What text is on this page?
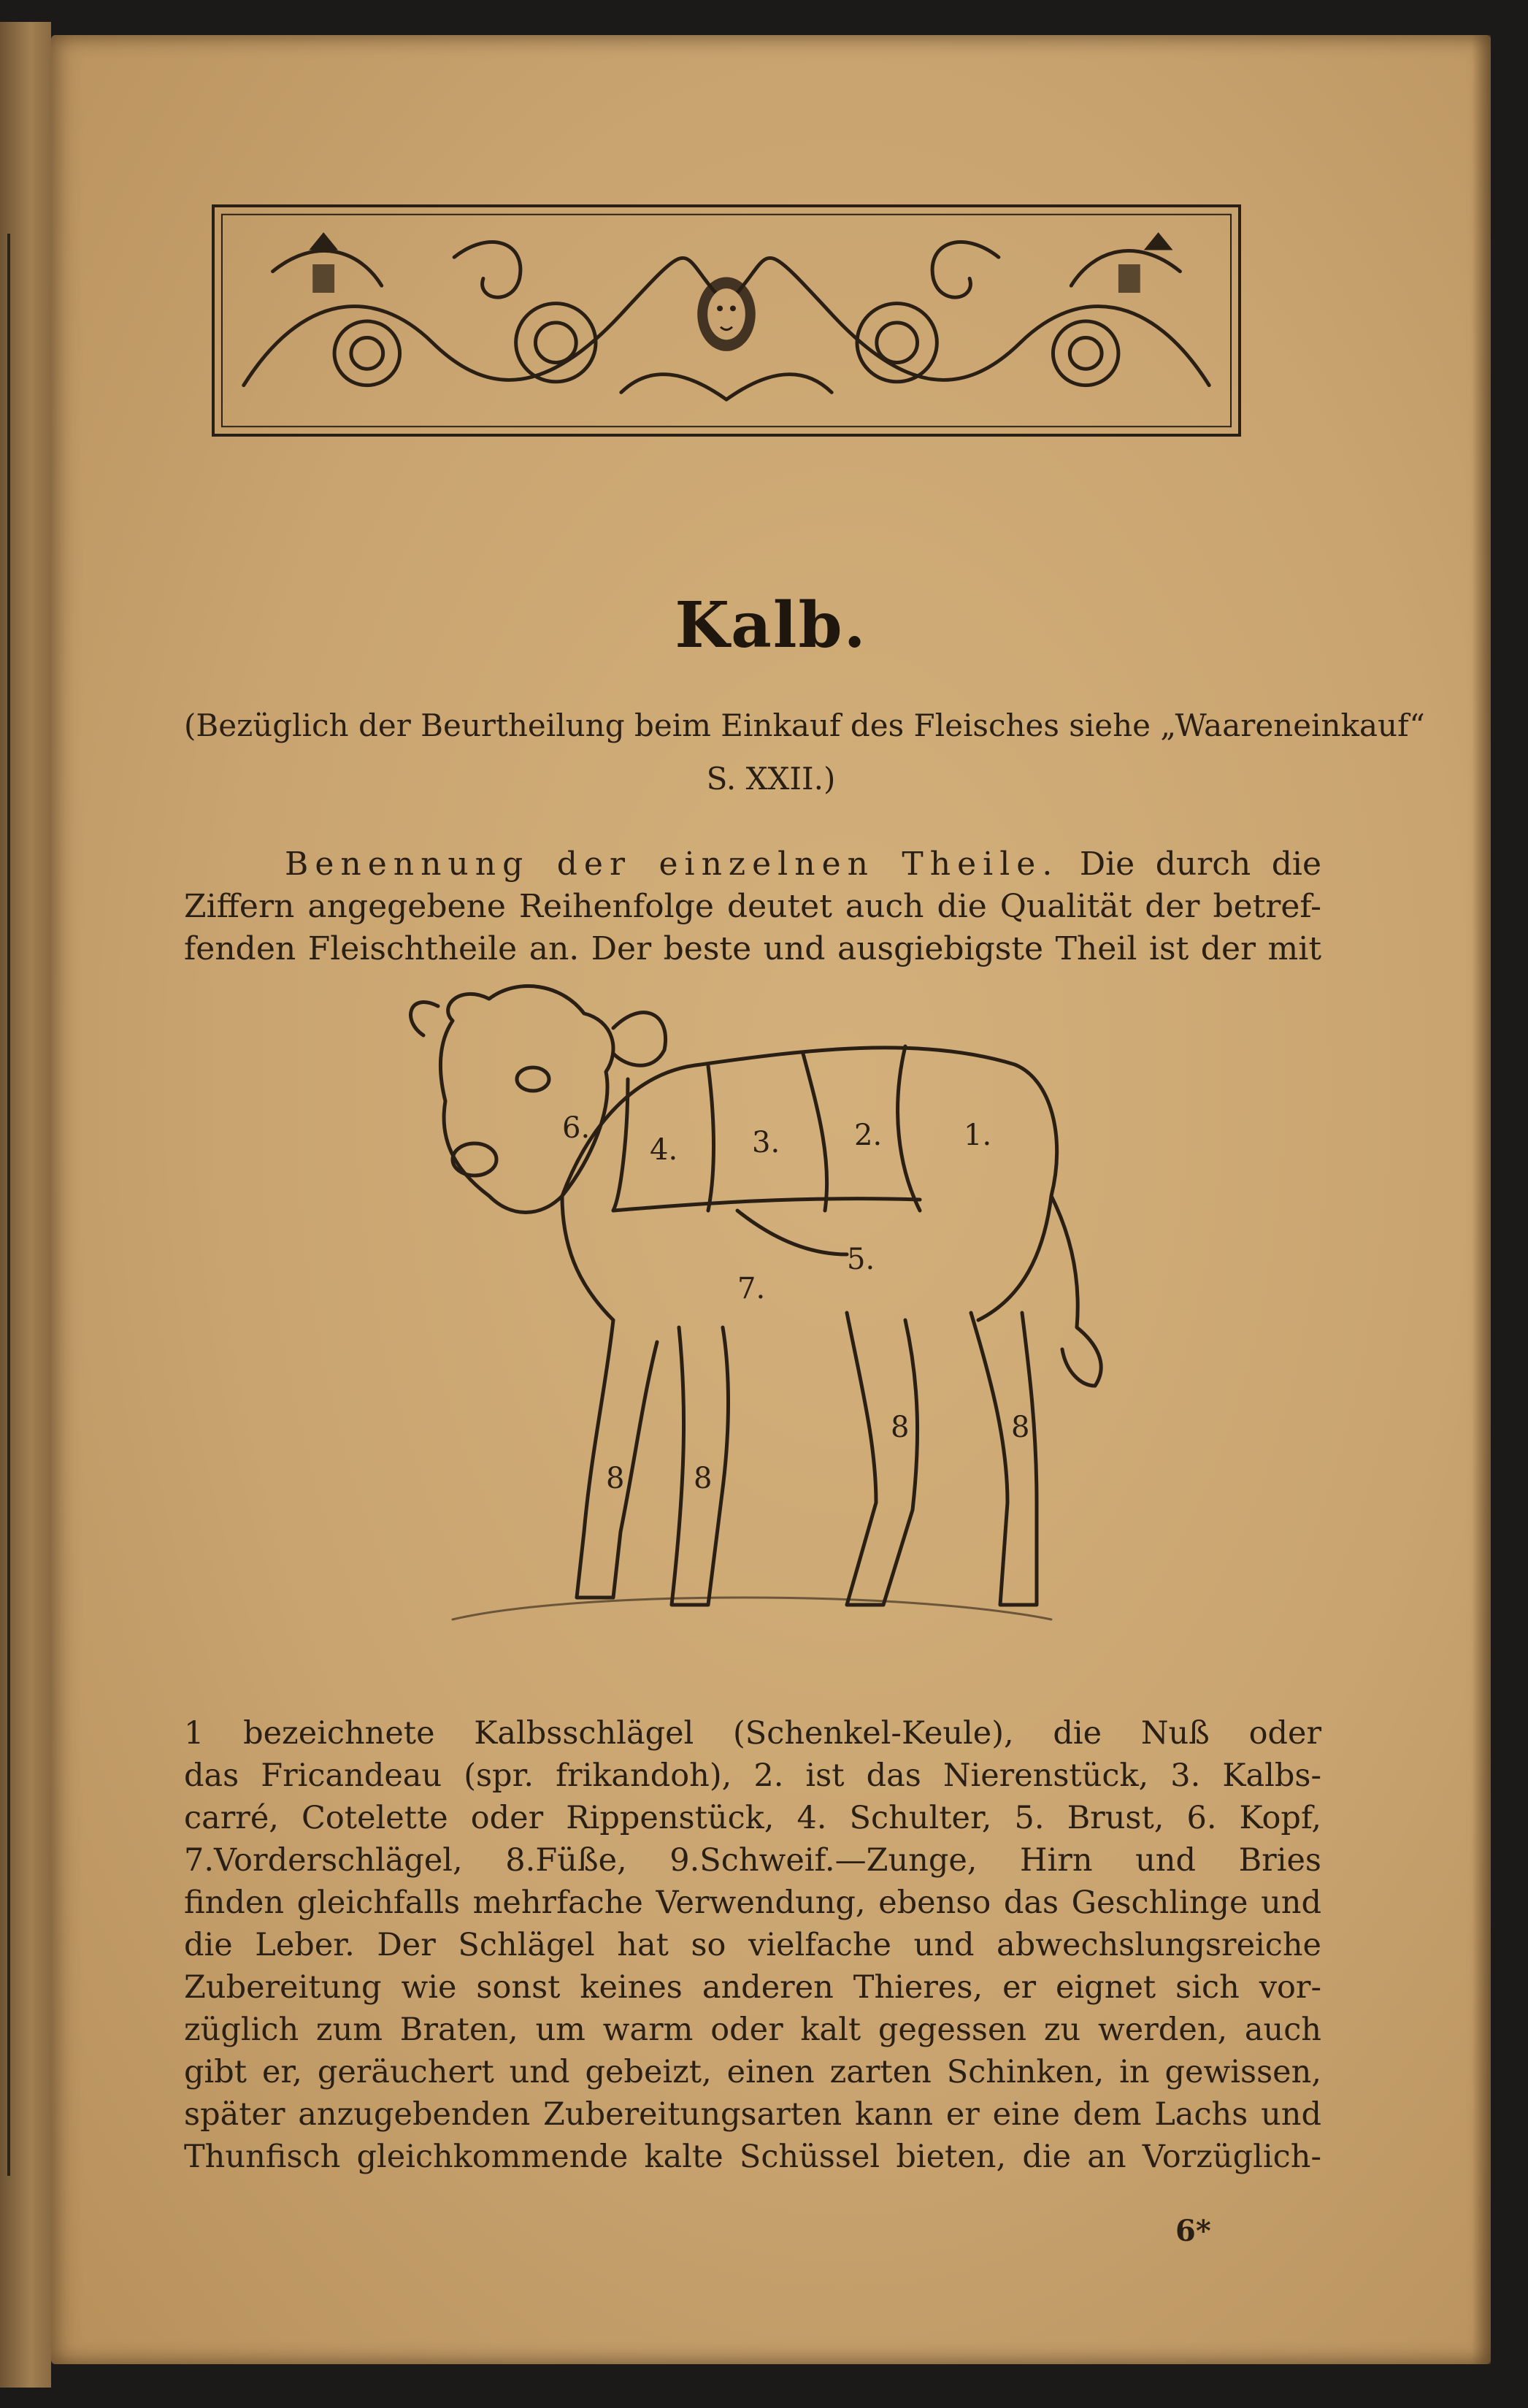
Kalb.
(Bezüglich der Beurtheilung beim Einkauf des Fleisches siehe „Waareneinkauf“
S. XXII.)
Benennung der einzelnen Theile. Die durch die
Ziffern angegebene Reihenfolge deutet auch die Qualität der betref-
fenden Fleischtheile an. Der beste und ausgiebigste Theil ist der mit
1.
2.
3.
4.
5.
6.
7.
8 8
8	8
1 bezeichnete Kalbsschlägel (Schenkel-Keule), die Nuß oder
das Fricandeau (spr. frikandoh), 2. ist das Nierenstück, 3. Kalbs-
carré, Cotelette oder Rippenstück, 4. Schulter, 5. Brust, 6. Kopf,
7.Vorderschlägel, 8.Füße, 9.Schweif.—Zunge, Hirn und Bries
finden gleichfalls mehrfache Verwendung, ebenso das Geschlinge und
die Leber. Der Schlägel hat so vielfache und abwechslungsreiche
Zubereitung wie sonst keines anderen Thieres, er eignet sich vor-
züglich zum Braten, um warm oder kalt gegessen zu werden, auch
gibt er, geräuchert und gebeizt, einen zarten Schinken, in gewissen,
später anzugebenden Zubereitungsarten kann er eine dem Lachs und
Thunfisch gleichkommende kalte Schüssel bieten, die an Vorzüglich-
6*
